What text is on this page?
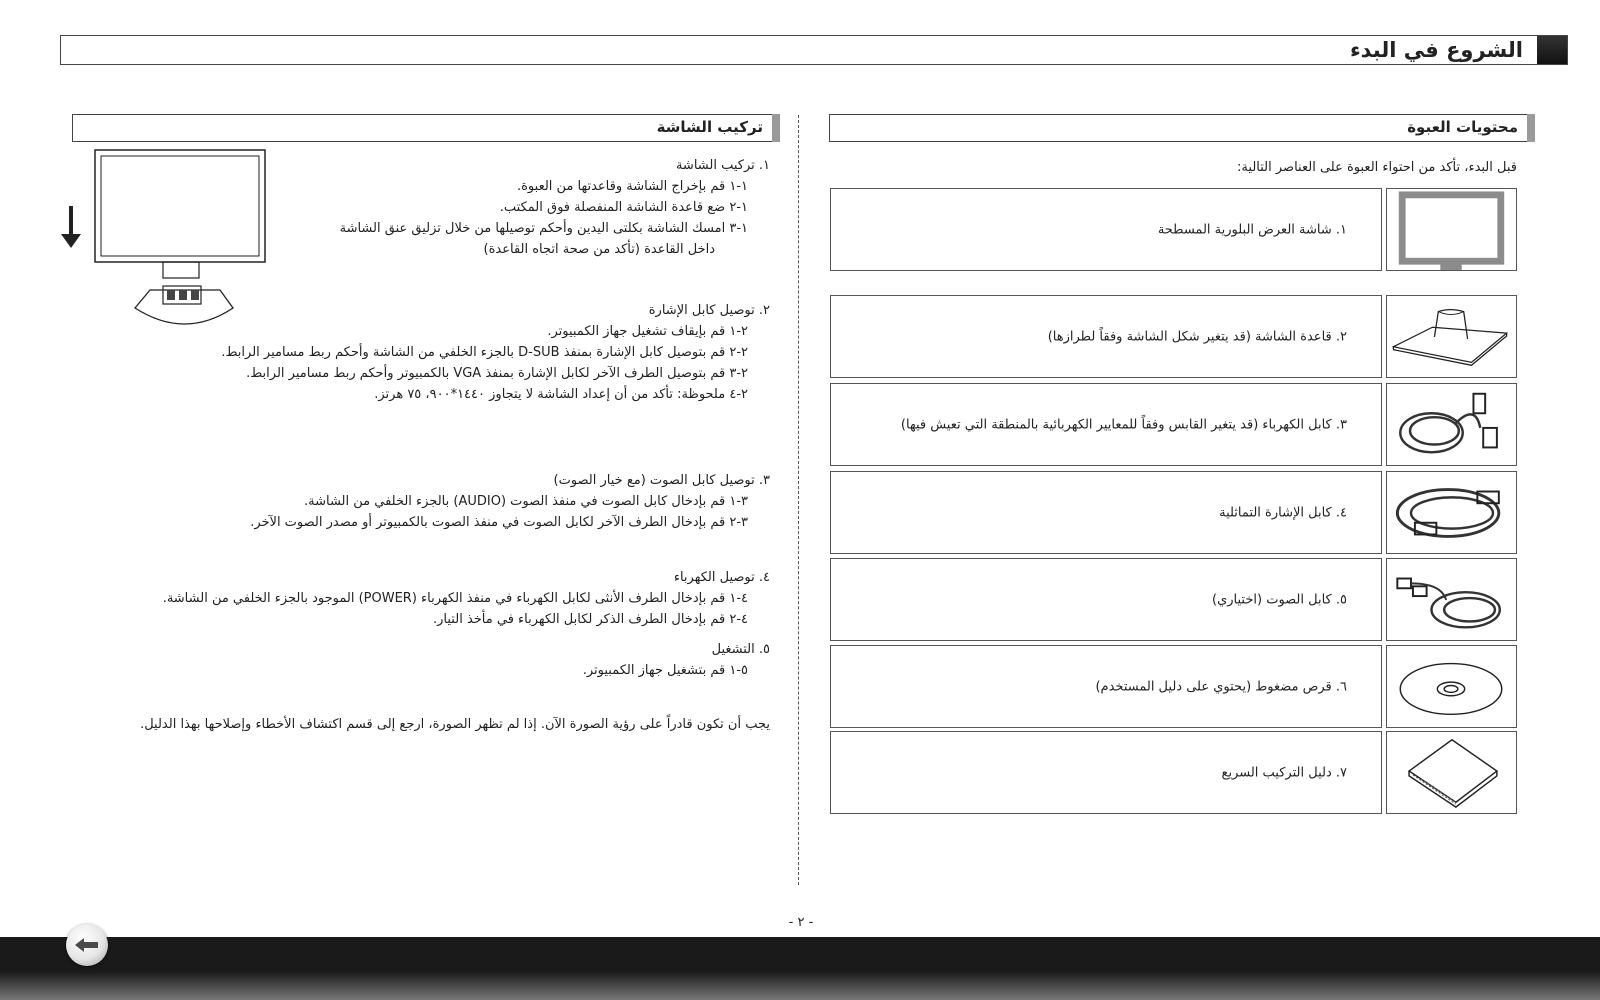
الشروع في البدء
محتويات العبوة
قبل البدء، تأكد من احتواء العبوة على العناصر التالية:
١. شاشة العرض البلورية المسطحة
٢. قاعدة الشاشة (قد يتغير شكل الشاشة وفقاً لطرازها)
٣. كابل الكهرباء (قد يتغير القابس وفقاً للمعايير الكهربائية بالمنطقة التي تعيش فيها)
٤. كابل الإشارة التماثلية
٥. كابل الصوت (اختياري)
٦. قرص مضغوط (يحتوي على دليل المستخدم)
٧. دليل التركيب السريع
تركيب الشاشة
١. تركيب الشاشة
١-١ قم بإخراج الشاشة وقاعدتها من العبوة.
١-٢ ضع قاعدة الشاشة المنفصلة فوق المكتب.
١-٣ امسك الشاشة بكلتى اليدين وأحكم توصيلها من خلال تزليق عنق الشاشة
داخل القاعدة (تأكد من صحة اتجاه القاعدة)
٢. توصيل كابل الإشارة
٢-١ قم بإيقاف تشغيل جهاز الكمبيوتر.
٢-٢ قم بتوصيل كابل الإشارة بمنفذ D-SUB بالجزء الخلفي من الشاشة وأحكم ربط مسامير الرابط.
٢-٣ قم بتوصيل الطرف الآخر لكابل الإشارة بمنفذ VGA بالكمبيوتر وأحكم ربط مسامير الرابط.
٢-٤ ملحوظة: تأكد من أن إعداد الشاشة لا يتجاوز ١٤٤٠*٩٠٠، ٧٥ هرتز.
٣. توصيل كابل الصوت (مع خيار الصوت)
٣-١ قم بإدخال كابل الصوت في منفذ الصوت (AUDIO) بالجزء الخلفي من الشاشة.
٣-٢ قم بإدخال الطرف الآخر لكابل الصوت في منفذ الصوت بالكمبيوتر أو مصدر الصوت الآخر.
٤. توصيل الكهرباء
٤-١ قم بإدخال الطرف الأنثى لكابل الكهرباء في منفذ الكهرباء (POWER) الموجود بالجزء الخلفي من الشاشة.
٤-٢ قم بإدخال الطرف الذكر لكابل الكهرباء في مأخذ التيار.
٥. التشغيل
٥-١ قم بتشغيل جهاز الكمبيوتر.
يجب أن تكون قادراً على رؤية الصورة الآن. إذا لم تظهر الصورة، ارجع إلى قسم اكتشاف الأخطاء وإصلاحها بهذا الدليل.
- ٢ -
